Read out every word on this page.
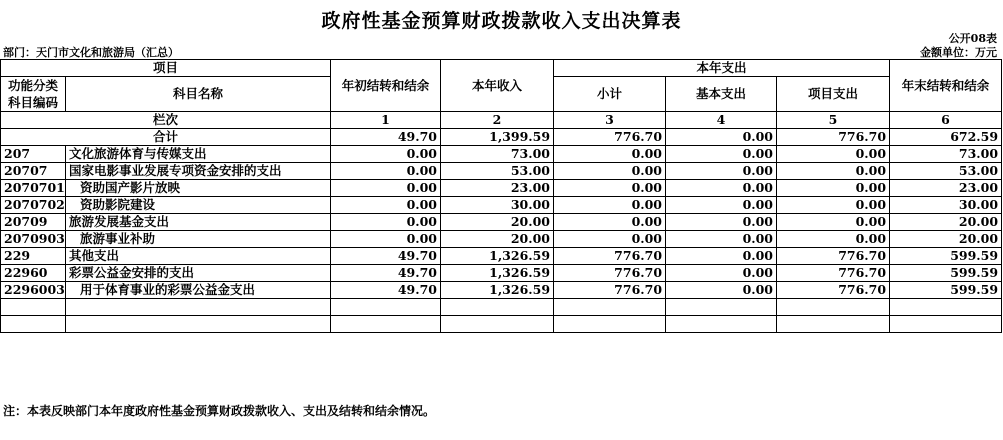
政府性基金预算财政拨款收入支出决算表
公开08表
部门：天门市文化和旅游局（汇总）	金额单位：万元
项目		年初结转和结余	本年收入	本年支出			年末结转和结余
功能分类科目编码	科目名称			小计	基本支出	项目支出	
栏次		1	2	3	4	5	6
合计		49.70	1,399.59	776.70	0.00	776.70	672.59
207	文化旅游体育与传媒支出	0.00	73.00	0.00	0.00	0.00	73.00
20707	国家电影事业发展专项资金安排的支出	0.00	53.00	0.00	0.00	0.00	53.00
2070701	资助国产影片放映	0.00	23.00	0.00	0.00	0.00	23.00
2070702	资助影院建设	0.00	30.00	0.00	0.00	0.00	30.00
20709	旅游发展基金支出	0.00	20.00	0.00	0.00	0.00	20.00
2070903	旅游事业补助	0.00	20.00	0.00	0.00	0.00	20.00
229	其他支出	49.70	1,326.59	776.70	0.00	776.70	599.59
22960	彩票公益金安排的支出	49.70	1,326.59	776.70	0.00	776.70	599.59
2296003	用于体育事业的彩票公益金支出	49.70	1,326.59	776.70	0.00	776.70	599.59

注：本表反映部门本年度政府性基金预算财政拨款收入、支出及结转和结余情况。
